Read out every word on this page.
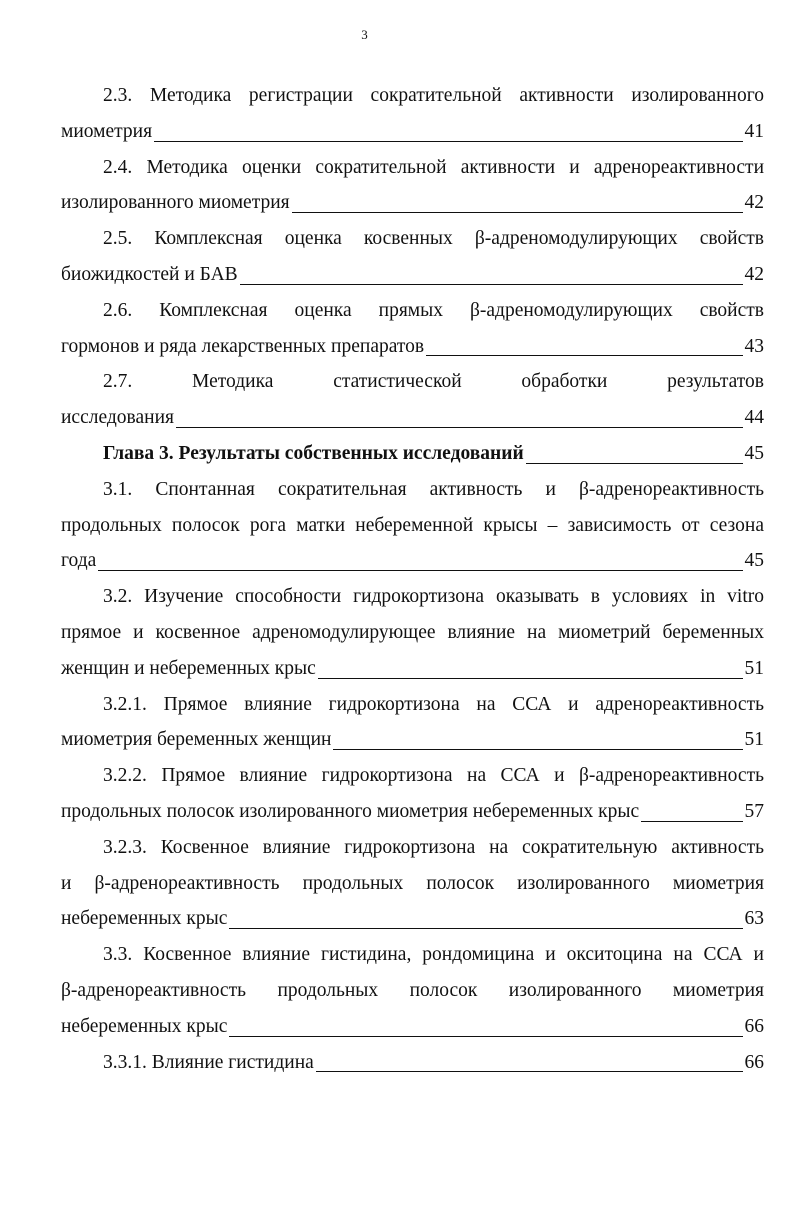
3
2.3. Методика регистрации сократительной активности изолированного
миометрия	41
2.4. Методика оценки сократительной активности и адренореактивности
изолированного миометрия	42
2.5. Комплексная оценка косвенных β-адреномодулирующих свойств
биожидкостей и БАВ	42
2.6. Комплексная оценка прямых β-адреномодулирующих свойств
гормонов и ряда лекарственных препаратов	43
2.7. Методика статистической обработки результатов
исследования	44
Глава 3. Результаты собственных исследований	45
3.1. Спонтанная сократительная активность и β-адренореактивность
продольных полосок рога матки небеременной крысы – зависимость от сезона
года	45
3.2. Изучение способности гидрокортизона оказывать в условиях in vitro
прямое и косвенное адреномодулирующее влияние на миометрий беременных
женщин и небеременных крыс	51
3.2.1. Прямое влияние гидрокортизона на ССА и адренореактивность
миометрия беременных женщин	51
3.2.2. Прямое влияние гидрокортизона на ССА и β-адренореактивность
продольных полосок изолированного миометрия небеременных крыс	57
3.2.3. Косвенное влияние гидрокортизона на сократительную активность
и β-адренореактивность продольных полосок изолированного миометрия
небеременных крыс	63
3.3. Косвенное влияние гистидина, рондомицина и окситоцина на ССА и
β-адренореактивность продольных полосок изолированного миометрия
небеременных крыс	66
3.3.1. Влияние гистидина	66
